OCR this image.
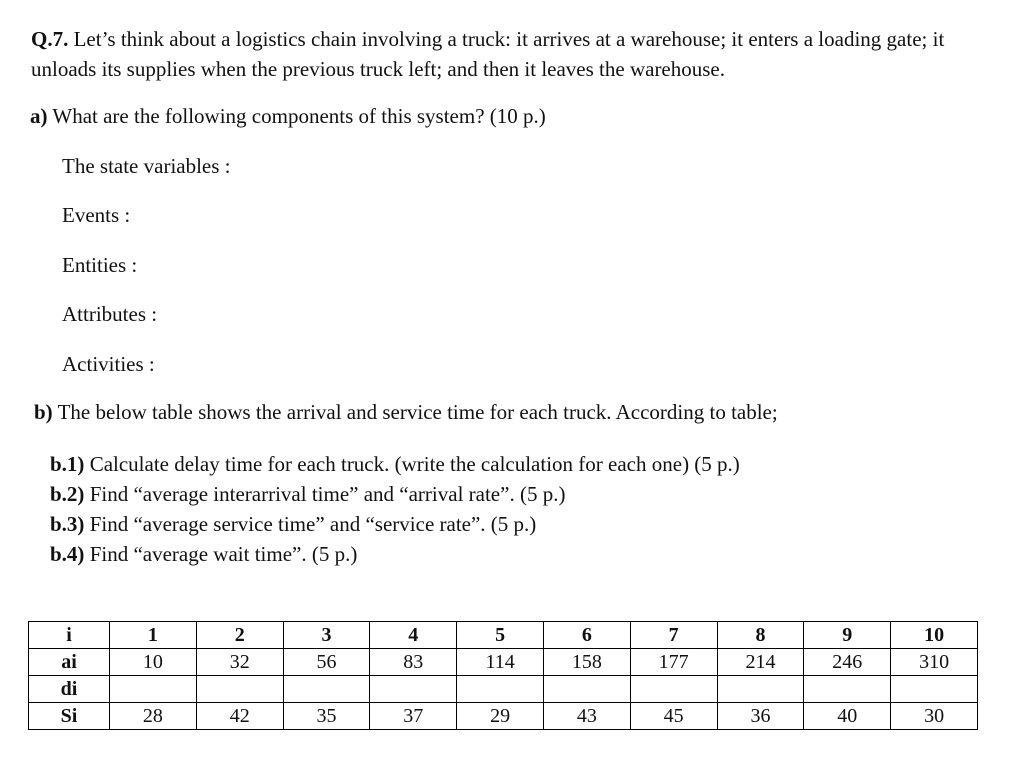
Q.7. Let’s think about a logistics chain involving a truck: it arrives at a warehouse; it enters a loading gate; it unloads its supplies when the previous truck left; and then it leaves the warehouse.
a) What are the following components of this system? (10 p.)
The state variables :
Events :
Entities :
Attributes :
Activities :
b) The below table shows the arrival and service time for each truck. According to table;
b.1) Calculate delay time for each truck. (write the calculation for each one) (5 p.)
b.2) Find “average interarrival time” and “arrival rate”. (5 p.)
b.3) Find “average service time” and “service rate”. (5 p.)
b.4) Find “average wait time”. (5 p.)
i	1	2	3	4	5	6	7	8	9	10
ai	10	32	56	83	114	158	177	214	246	310
di										
Si	28	42	35	37	29	43	45	36	40	30
